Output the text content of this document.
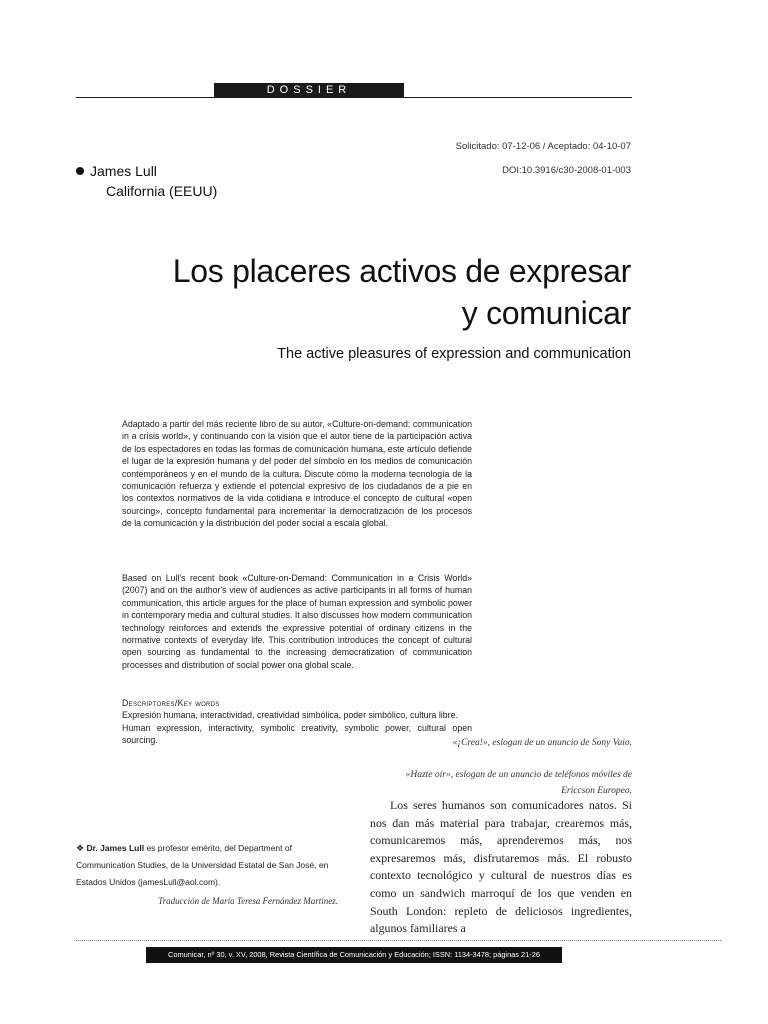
DOSSIER
Solicitado: 07-12-06 / Aceptado: 04-10-07
DOI:10.3916/c30-2008-01-003
James Lull
California (EEUU)
Los placeres activos de expresar
y comunicar
The active pleasures of expression and communication

Adaptado a partir del más reciente libro de su autor, «Culture-on-demand: communication in a crisis world», y continuando con la visión que el autor tiene de la participación activa de los espectadores en todas las formas de comunicación humana, este artículo defiende el lugar de la expresión humana y del poder del símbolo en los medios de comunicación contemporáneos y en el mundo de la cultura. Discute cómo la moderna tecnología de la comunicación refuerza y extiende el potencial expresivo de los ciudadanos de a pie en los contextos normativos de la vida cotidiana e introduce el concepto de cultural «open sourcing», concepto fundamental para incrementar la democratización de los procesos de la comunicación y la distribución del poder social a escala global.

Based on Lull's recent book «Culture-on-Demand: Communication in a Crisis World» (2007) and on the author's view of audiences as active participants in all forms of human communication, this article argues for the place of human expression and symbolic power in contemporary media and cultural studies. It also discusses how modern communication technology reinforces and extends the expressive potential of ordinary citizens in the normative contexts of everyday life. This contribution introduces the concept of cultural open sourcing as fundamental to the increasing democratization of communication processes and distribution of social power ona global scale.

Descriptores/Key words

Expresión humana, interactividad, creatividad simbólica, poder simbólico, cultura libre.

Human expression, interactivity, symbolic creativity, symbolic power, cultural open sourcing.	«¡Crea!», eslogan de un anuncio de Sony Vaio.
«Hazte oír», eslogan de un anuncio de teléfonos móviles de Ericcson Europeo.

Los seres humanos son comunicadores natos. Si nos dan más material para trabajar, crearemos más, comunicaremos más, aprenderemos más, nos expresaremos más, disfrutaremos más. El robusto contexto tecnológico y cultural de nuestros días es como un sandwich marroquí de los que venden en South London: repleto de deliciosos ingredientes, algunos familiares a

❖ Dr. James Lull es profesor emérito, del Department of Communication Studies, de la Universidad Estatal de San José, en Estados Unidos (jamesLull@aol.com).
Traducción de María Teresa Fernández Martínez.
Comunicar, nº 30, v. XV, 2008, Revista Científica de Comunicación y Educación; ISSN: 1134-3478; páginas 21-26
